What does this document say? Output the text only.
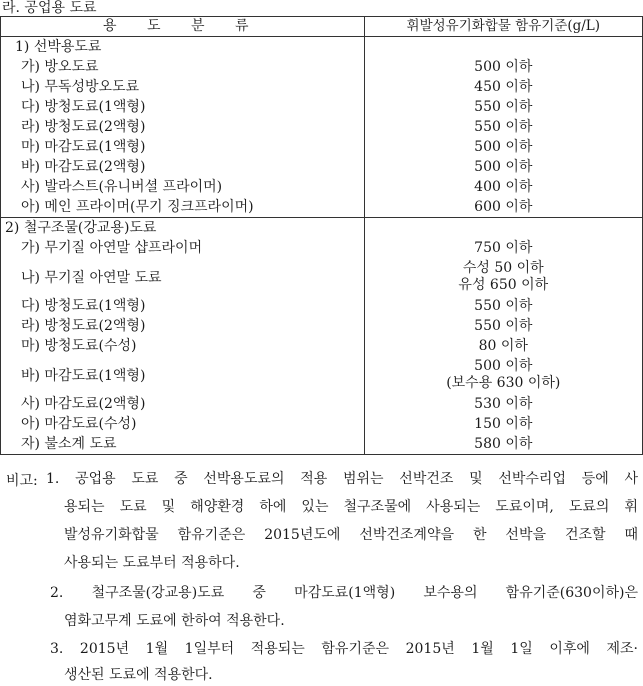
라. 공업용 도료
용 도 분 류	휘발성유기화합물 함유기준(g/L)
1) 선박용도료	
가) 방오도료	500 이하
나) 무독성방오도료	450 이하
다) 방청도료(1액형)	550 이하
라) 방청도료(2액형)	550 이하
마) 마감도료(1액형)	500 이하
바) 마감도료(2액형)	500 이하
사) 발라스트(유니버셜 프라이머)	400 이하
아) 메인 프라이머(무기 징크프라이머)	600 이하
2) 철구조물(강교용)도료	
가) 무기질 아연말 샵프라이머	750 이하
나) 무기질 아연말 도료	수성 50 이하
유성 650 이하

다) 방청도료(1액형)	550 이하
라) 방청도료(2액형)	550 이하
마) 방청도료(수성)	80 이하
바) 마감도료(1액형)	500 이하
(보수용 630 이하)

사) 마감도료(2액형)	530 이하
아) 마감도료(수성)	150 이하
자) 불소계 도료	580 이하
비고: 1. 공업용 도료 중 선박용도료의 적용 범위는 선박건조 및 선박수리업 등에 사
용되는 도료 및 해양환경 하에 있는 철구조물에 사용되는 도료이며, 도료의 휘
발성유기화합물 함유기준은 2015년도에 선박건조계약을 한 선박을 건조할 때
사용되는 도료부터 적용하다.
2. 철구조물(강교용)도료 중 마감도료(1액형) 보수용의 함유기준(630이하)은
염화고무계 도료에 한하여 적용한다.
3. 2015년 1월 1일부터 적용되는 함유기준은 2015년 1월 1일 이후에 제조·
생산된 도료에 적용한다.
